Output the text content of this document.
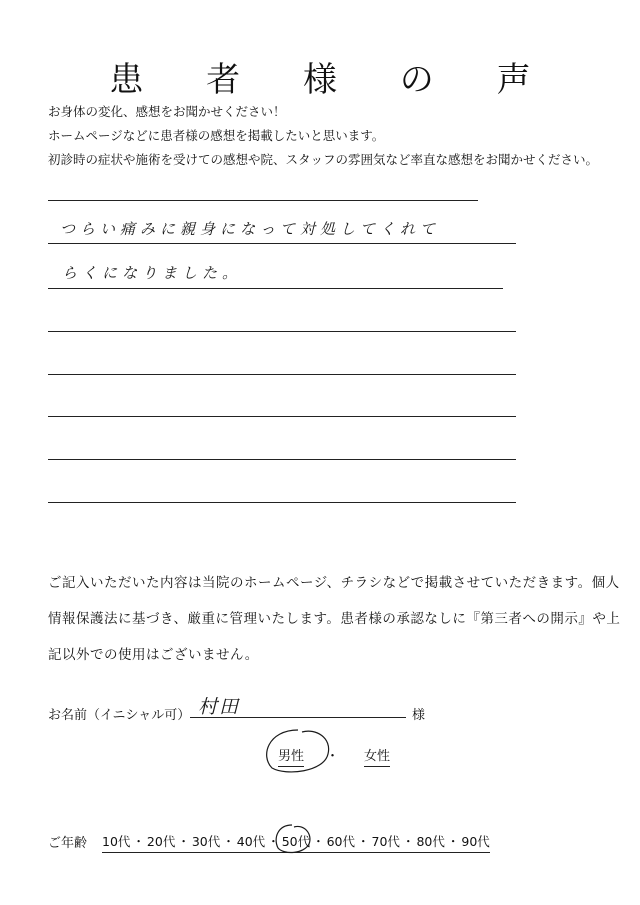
患 者 様 の 声
お身体の変化、感想をお聞かせください！
ホームページなどに患者様の感想を掲載したいと思います。
初診時の症状や施術を受けての感想や院、スタッフの雰囲気など率直な感想をお聞かせください。
つらい痛みに親身になって対処してくれて
らくになりました。
ご記入いただいた内容は当院のホームページ、チラシなどで掲載させていただきます。個人情報保護法に基づき、厳重に管理いたします。患者様の承認なしに『第三者への開示』や上記以外での使用はございません。
お名前（イニシャル可） 村田	様
男性 ・ 女性
ご年齢 10代 ・ 20代 ・ 30代 ・ 40代 ・ 50代 ・ 60代 ・ 70代 ・ 80代 ・ 90代
